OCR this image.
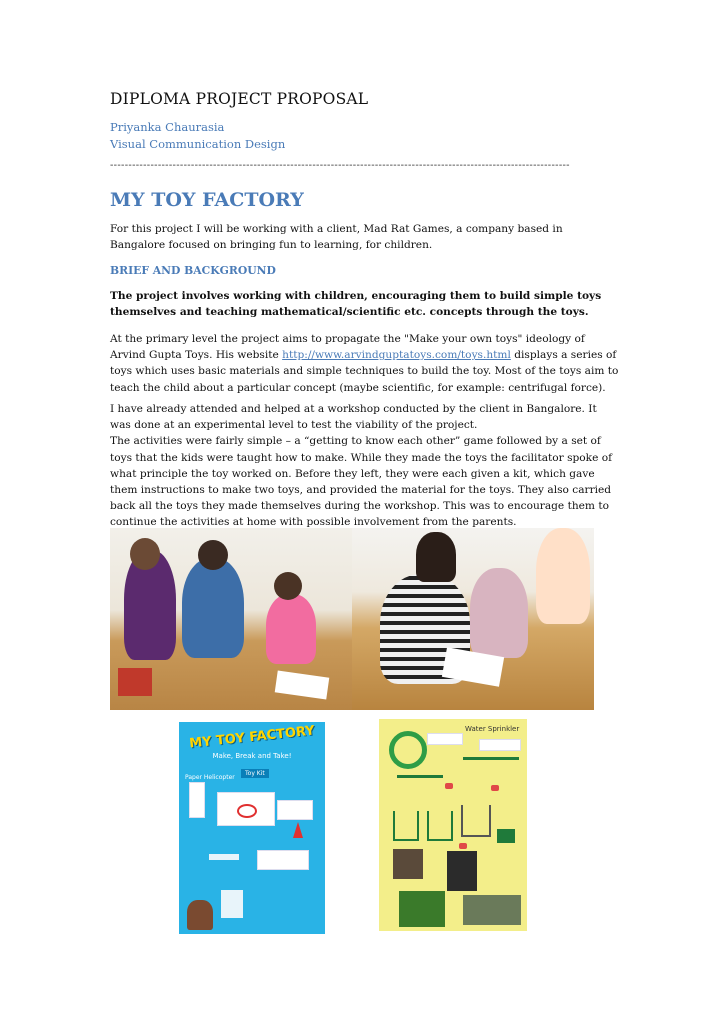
DIPLOMA PROJECT PROPOSAL
Priyanka Chaurasia
Visual Communication Design
-----------------------------------------------------------------------------------------------------------------------------
MY TOY FACTORY

For this project I will be working with a client, Mad Rat Games, a company based in Bangalore focused on bringing fun to learning, for children.

BRIEF AND BACKGROUND

The project involves working with children, encouraging them to build simple toys themselves and teaching mathematical/scientific etc. concepts through the toys.

At the primary level the project aims to propagate the "Make your own toys" ideology of Arvind Gupta Toys. His website http://www.arvindguptatoys.com/toys.html displays a series of toys which uses basic materials and simple techniques to build the toy. Most of the toys aim to teach the child about a particular concept (maybe scientific, for example: centrifugal force).

I have already attended and helped at a workshop conducted by the client in Bangalore. It was done at an experimental level to test the viability of the project.
The activities were fairly simple – a “getting to know each other” game followed by a set of toys that the kids were taught how to make. While they made the toys the facilitator spoke of what principle the toy worked on. Before they left, they were each given a kit, which gave them instructions to make two toys, and provided the material for the toys. They also carried back all the toys they made themselves during the workshop. This was to encourage them to continue the activities at home with possible involvement from the parents.
MY TOY FACTORY
Make, Break and Take!
Toy Kit
Paper Helicopter
Water Sprinkler
